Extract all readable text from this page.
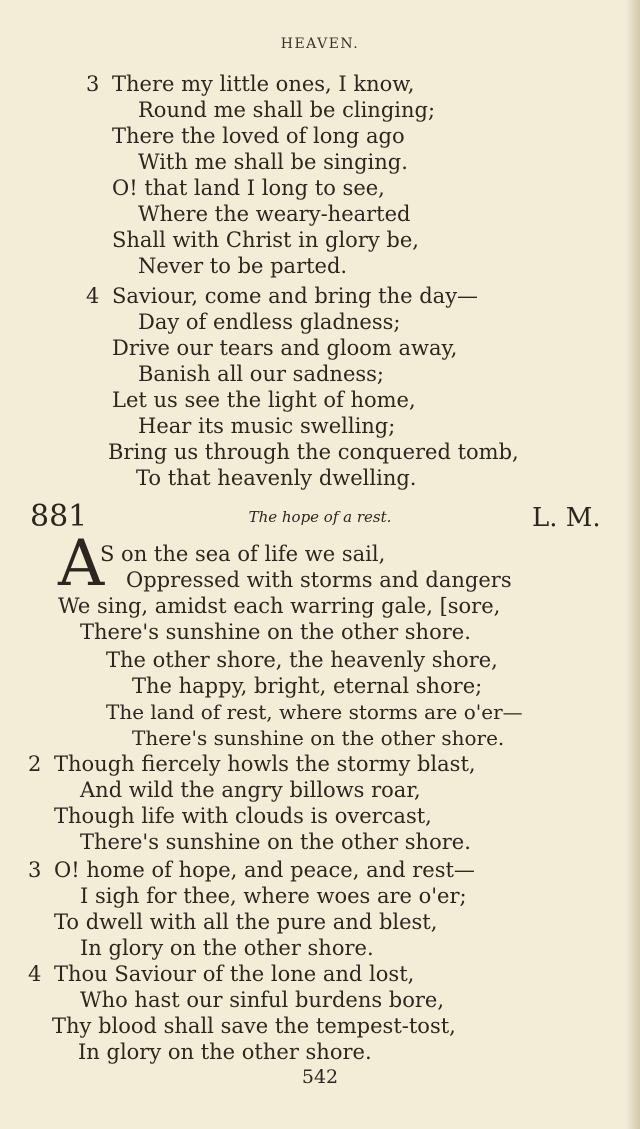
HEAVEN.
3 There my little ones, I know,
Round me shall be clinging;
There the loved of long ago
With me shall be singing.
O! that land I long to see,
Where the weary-hearted
Shall with Christ in glory be,
Never to be parted.
4 Saviour, come and bring the day—
Day of endless gladness;
Drive our tears and gloom away,
Banish all our sadness;
Let us see the light of home,
Hear its music swelling;
Bring us through the conquered tomb,
To that heavenly dwelling.
881	The hope of a rest.	L. M.
A
S on the sea of life we sail,
Oppressed with storms and dangers
We sing, amidst each warring gale, [sore,
There's sunshine on the other shore.
The other shore, the heavenly shore,
The happy, bright, eternal shore;
The land of rest, where storms are o'er—
There's sunshine on the other shore.
2 Though fiercely howls the stormy blast,
And wild the angry billows roar,
Though life with clouds is overcast,
There's sunshine on the other shore.
3 O! home of hope, and peace, and rest—
I sigh for thee, where woes are o'er;
To dwell with all the pure and blest,
In glory on the other shore.
4 Thou Saviour of the lone and lost,
Who hast our sinful burdens bore,
Thy blood shall save the tempest-tost,
In glory on the other shore.
542
